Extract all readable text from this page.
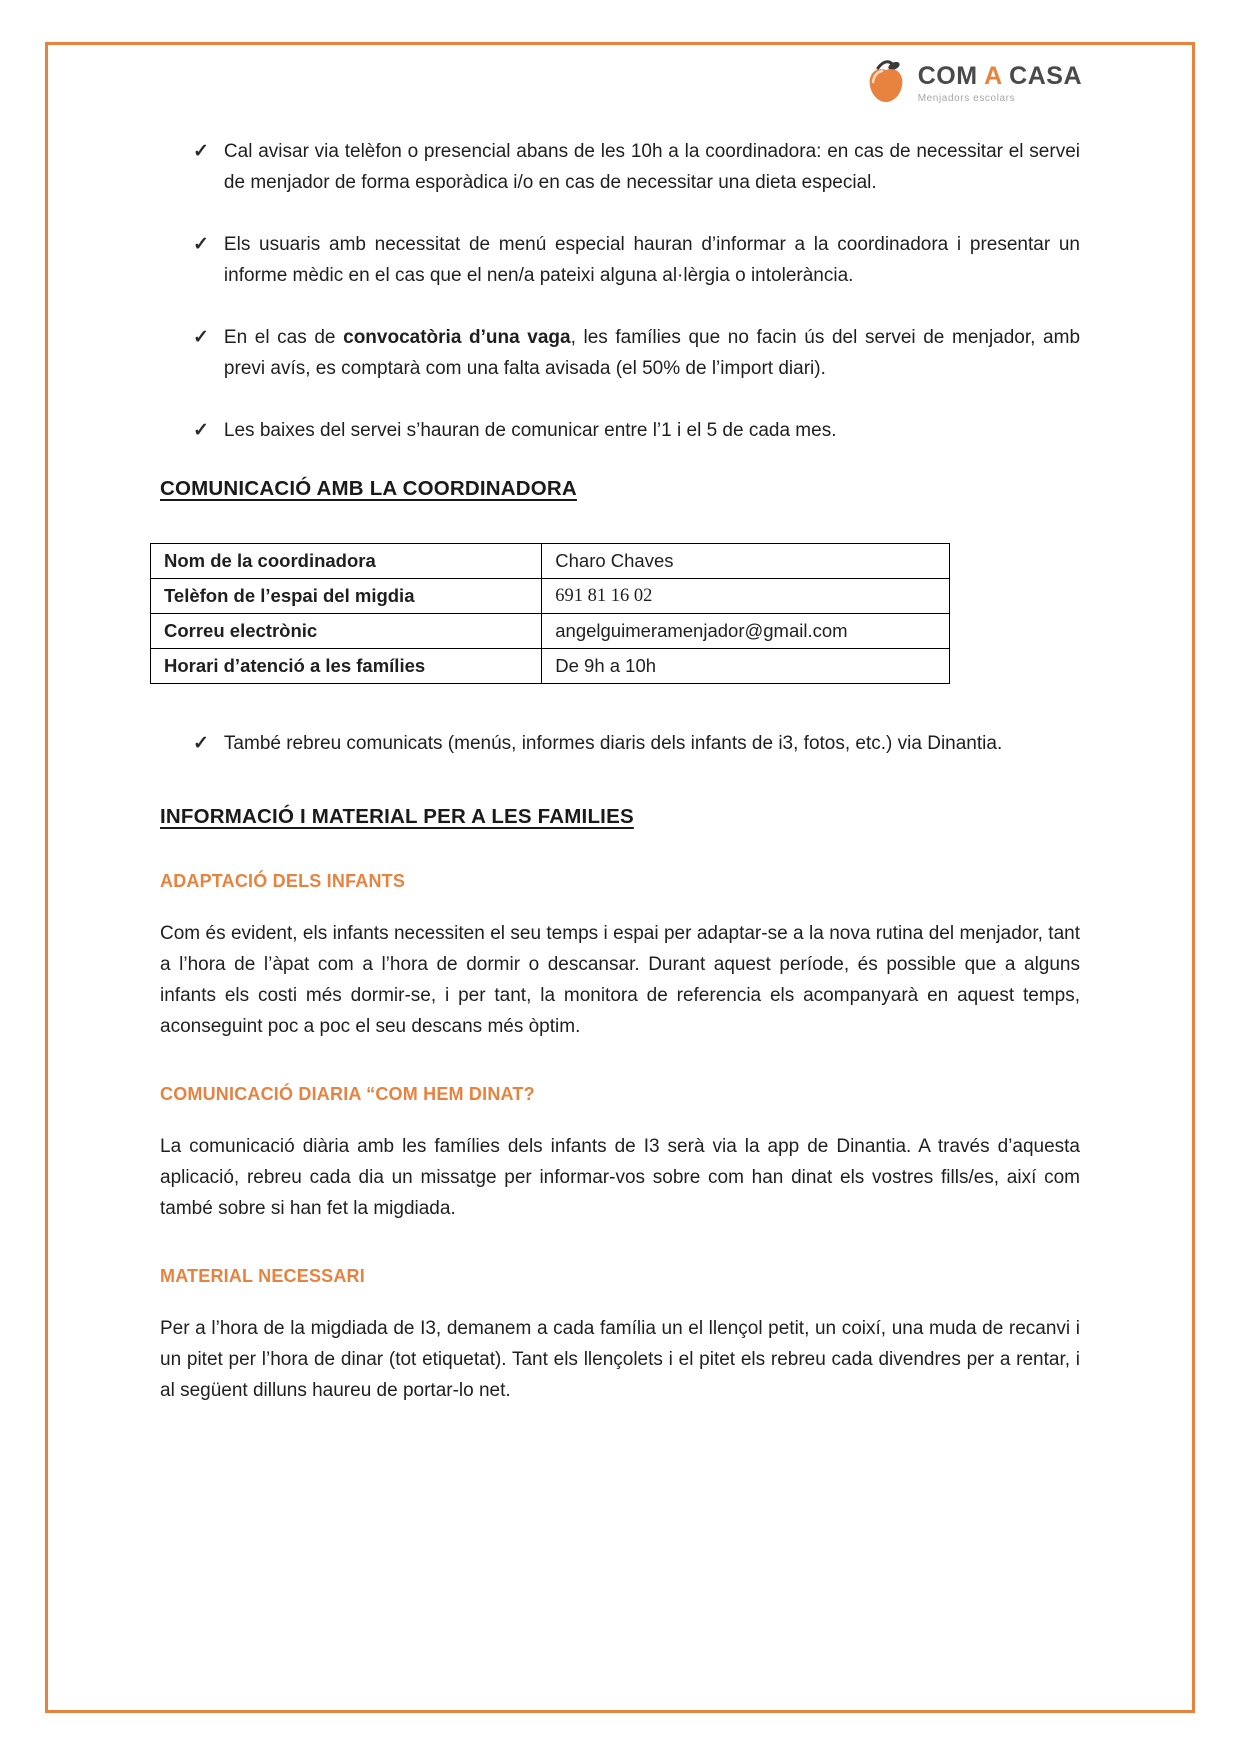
COM A CASA
Menjadors escolars
✓ Cal avisar via telèfon o presencial abans de les 10h a la coordinadora: en cas de necessitar el servei de menjador de forma esporàdica i/o en cas de necessitar una dieta especial.

✓ Els usuaris amb necessitat de menú especial hauran d’informar a la coordinadora i presentar un informe mèdic en el cas que el nen/a pateixi alguna al·lèrgia o intolerància.

✓ En el cas de convocatòria d’una vaga, les famílies que no facin ús del servei de menjador, amb previ avís, es comptarà com una falta avisada (el 50% de l’import diari).

✓ Les baixes del servei s’hauran de comunicar entre l’1 i el 5 de cada mes.

COMUNICACIÓ AMB LA COORDINADORA
Nom de la coordinadora	Charo Chaves
Telèfon de l’espai del migdia	691 81 16 02
Correu electrònic	angelguimeramenjador@gmail.com
Horari d’atenció a les famílies	De 9h a 10h
✓ També rebreu comunicats (menús, informes diaris dels infants de i3, fotos, etc.) via Dinantia.

INFORMACIÓ I MATERIAL PER A LES FAMILIES
ADAPTACIÓ DELS INFANTS

Com és evident, els infants necessiten el seu temps i espai per adaptar-se a la nova rutina del menjador, tant a l’hora de l’àpat com a l’hora de dormir o descansar. Durant aquest període, és possible que a alguns infants els costi més dormir-se, i per tant, la monitora de referencia els acompanyarà en aquest temps, aconseguint poc a poc el seu descans més òptim.

COMUNICACIÓ DIARIA “COM HEM DINAT?

La comunicació diària amb les famílies dels infants de I3 serà via la app de Dinantia. A través d’aquesta aplicació, rebreu cada dia un missatge per informar-vos sobre com han dinat els vostres fills/es, així com també sobre si han fet la migdiada.

MATERIAL NECESSARI

Per a l’hora de la migdiada de I3, demanem a cada família un el llençol petit, un coixí, una muda de recanvi i un pitet per l’hora de dinar (tot etiquetat). Tant els llençolets i el pitet els rebreu cada divendres per a rentar, i al següent dilluns haureu de portar-lo net.
